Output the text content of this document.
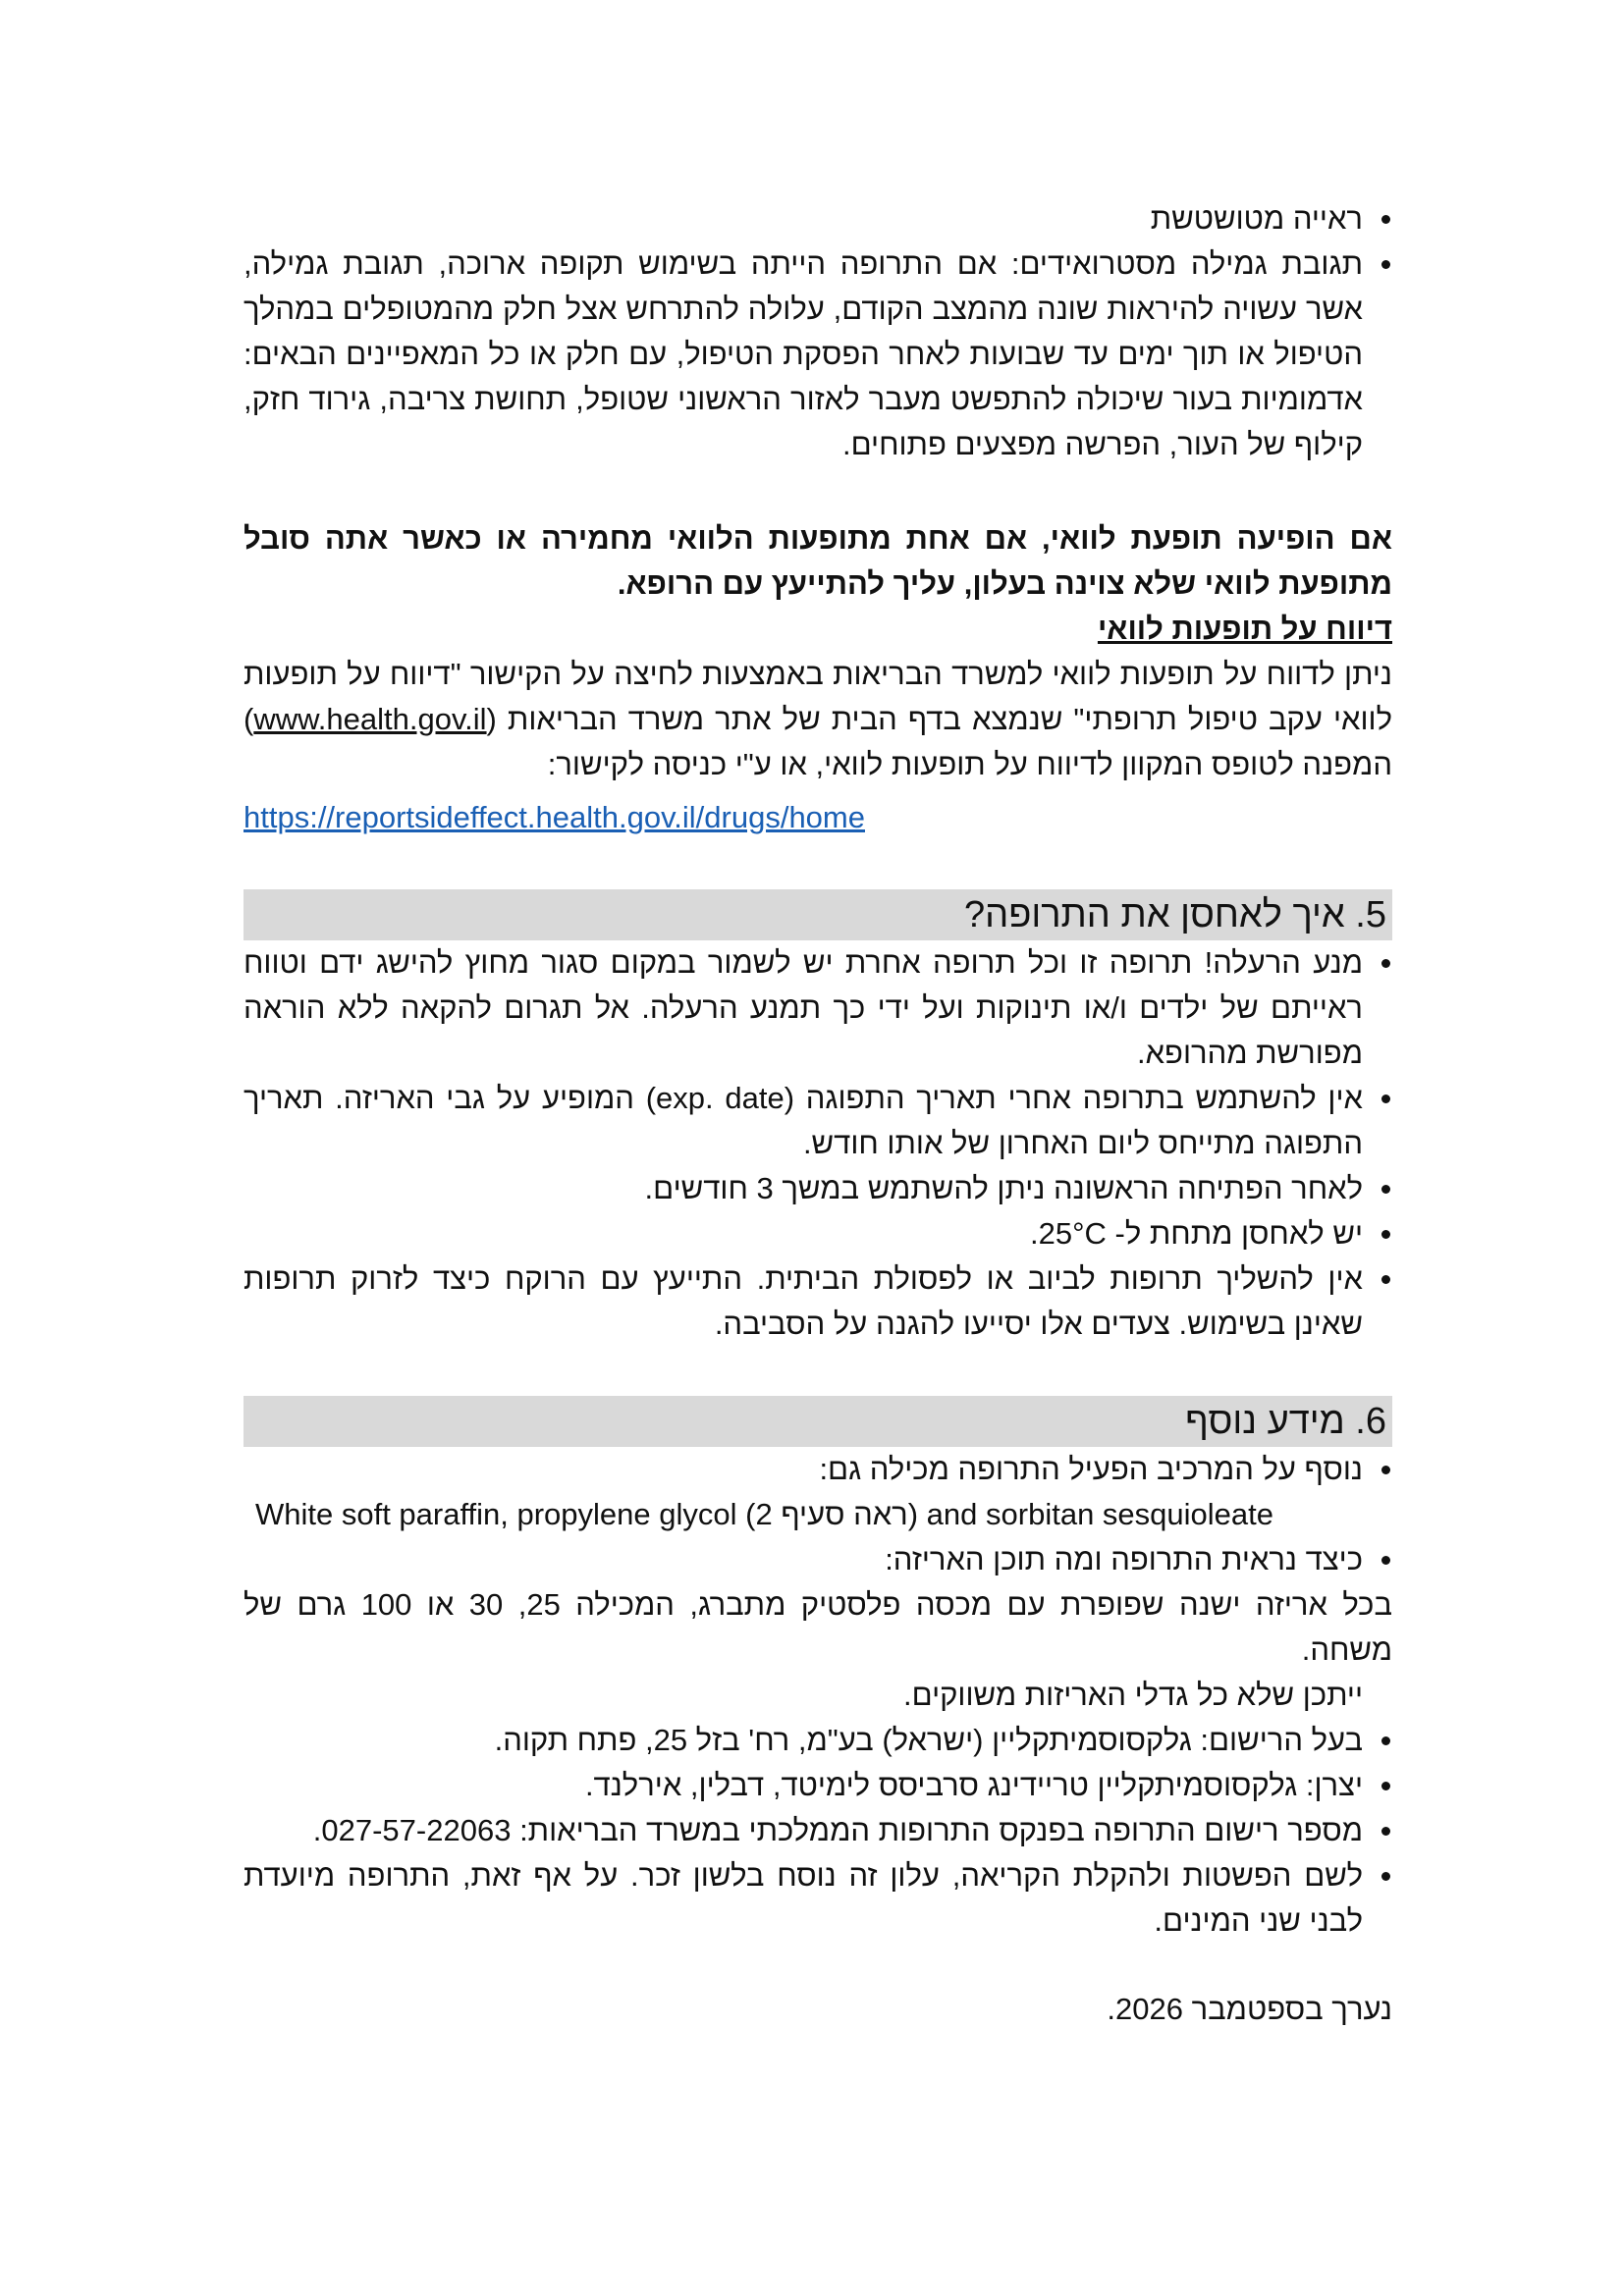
ראייה מטושטשת
תגובת גמילה מסטרואידים: אם התרופה הייתה בשימוש תקופה ארוכה, תגובת גמילה, אשר עשויה להיראות שונה מהמצב הקודם, עלולה להתרחש אצל חלק מהמטופלים במהלך הטיפול או תוך ימים עד שבועות לאחר הפסקת הטיפול, עם חלק או כל המאפיינים הבאים: אדמומיות בעור שיכולה להתפשט מעבר לאזור הראשוני שטופל, תחושת צריבה, גירוד חזק, קילוף של העור, הפרשה מפצעים פתוחים.

אם הופיעה תופעת לוואי, אם אחת מתופעות הלוואי מחמירה או כאשר אתה סובל מתופעת לוואי שלא צוינה בעלון, עליך להתייעץ עם הרופא.

דיווח על תופעות לוואי

ניתן לדווח על תופעות לוואי למשרד הבריאות באמצעות לחיצה על הקישור "דיווח על תופעות לוואי עקב טיפול תרופתי" שנמצא בדף הבית של אתר משרד הבריאות (www.health.gov.il) המפנה לטופס המקוון לדיווח על תופעות לוואי, או ע"י כניסה לקישור:

https://reportsideffect.health.gov.il/drugs/home
5. איך לאחסן את התרופה?
מנע הרעלה! תרופה זו וכל תרופה אחרת יש לשמור במקום סגור מחוץ להישג ידם וטווח ראייתם של ילדים ו/או תינוקות ועל ידי כך תמנע הרעלה. אל תגרום להקאה ללא הוראה מפורשת מהרופא.
אין להשתמש בתרופה אחרי תאריך התפוגה (exp. date) המופיע על גבי האריזה. תאריך התפוגה מתייחס ליום האחרון של אותו חודש.
לאחר הפתיחה הראשונה ניתן להשתמש במשך 3 חודשים.
יש לאחסן מתחת ל- 25°C.
אין להשליך תרופות לביוב או לפסולת הביתית. התייעץ עם הרוקח כיצד לזרוק תרופות שאינן בשימוש. צעדים אלו יסייעו להגנה על הסביבה.
6. מידע נוסף
נוסף על המרכיב הפעיל התרופה מכילה גם:
White soft paraffin, propylene glycol (ראה סעיף 2) and sorbitan sesquioleate
כיצד נראית התרופה ומה תוכן האריזה:
בכל אריזה ישנה שפופרת עם מכסה פלסטיק מתברג, המכילה 25, 30 או 100 גרם של משחה.
ייתכן שלא כל גדלי האריזות משווקים.
בעל הרישום: גלקסוסמיתקליין (ישראל) בע"מ, רח' בזל 25, פתח תקוה.
יצרן: גלקסוסמיתקליין טריידינג סרביסס לימיטד, דבלין, אירלנד.
מספר רישום התרופה בפנקס התרופות הממלכתי במשרד הבריאות: 027-57-22063.
לשם הפשטות ולהקלת הקריאה, עלון זה נוסח בלשון זכר. על אף זאת, התרופה מיועדת לבני שני המינים.
נערך בספטמבר 2026.
